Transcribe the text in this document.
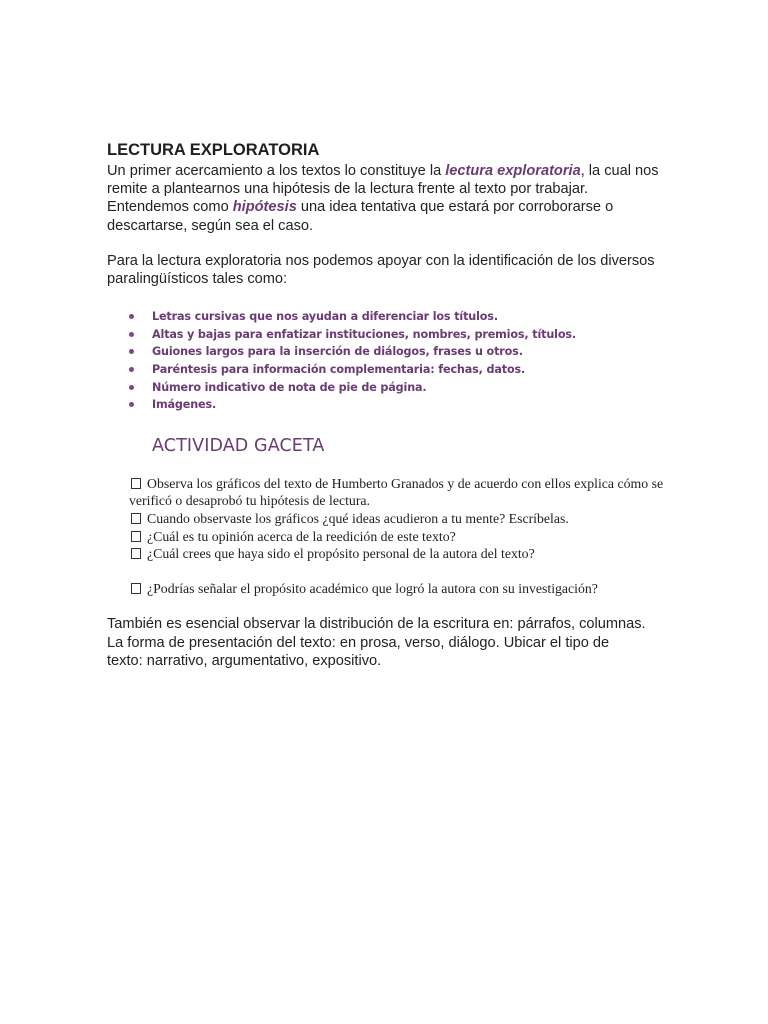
LECTURA EXPLORATORIA

Un primer acercamiento a los textos lo constituye la lectura exploratoria, la cual nos remite a plantearnos una hipótesis de la lectura frente al texto por trabajar. Entendemos como hipótesis una idea tentativa que estará por corroborarse o descartarse, según sea el caso.

Para la lectura exploratoria nos podemos apoyar con la identificación de los diversos paralingüísticos tales como:

Letras cursivas que nos ayudan a diferenciar los títulos.
Altas y bajas para enfatizar instituciones, nombres, premios, títulos.
Guiones largos para la inserción de diálogos, frases u otros.
Paréntesis para información complementaria: fechas, datos.
Número indicativo de nota de pie de página.
Imágenes.
ACTIVIDAD GACETA
Observa los gráficos del texto de Humberto Granados y de acuerdo con ellos explica cómo se verificó o desaprobó tu hipótesis de lectura.
Cuando observaste los gráficos ¿qué ideas acudieron a tu mente? Escríbelas.
¿Cuál es tu opinión acerca de la reedición de este texto?
¿Cuál crees que haya sido el propósito personal de la autora del texto?
¿Podrías señalar el propósito académico que logró la autora con su investigación?

También es esencial observar la distribución de la escritura en: párrafos, columnas. La forma de presentación del texto: en prosa, verso, diálogo. Ubicar el tipo de texto: narrativo, argumentativo, expositivo.
